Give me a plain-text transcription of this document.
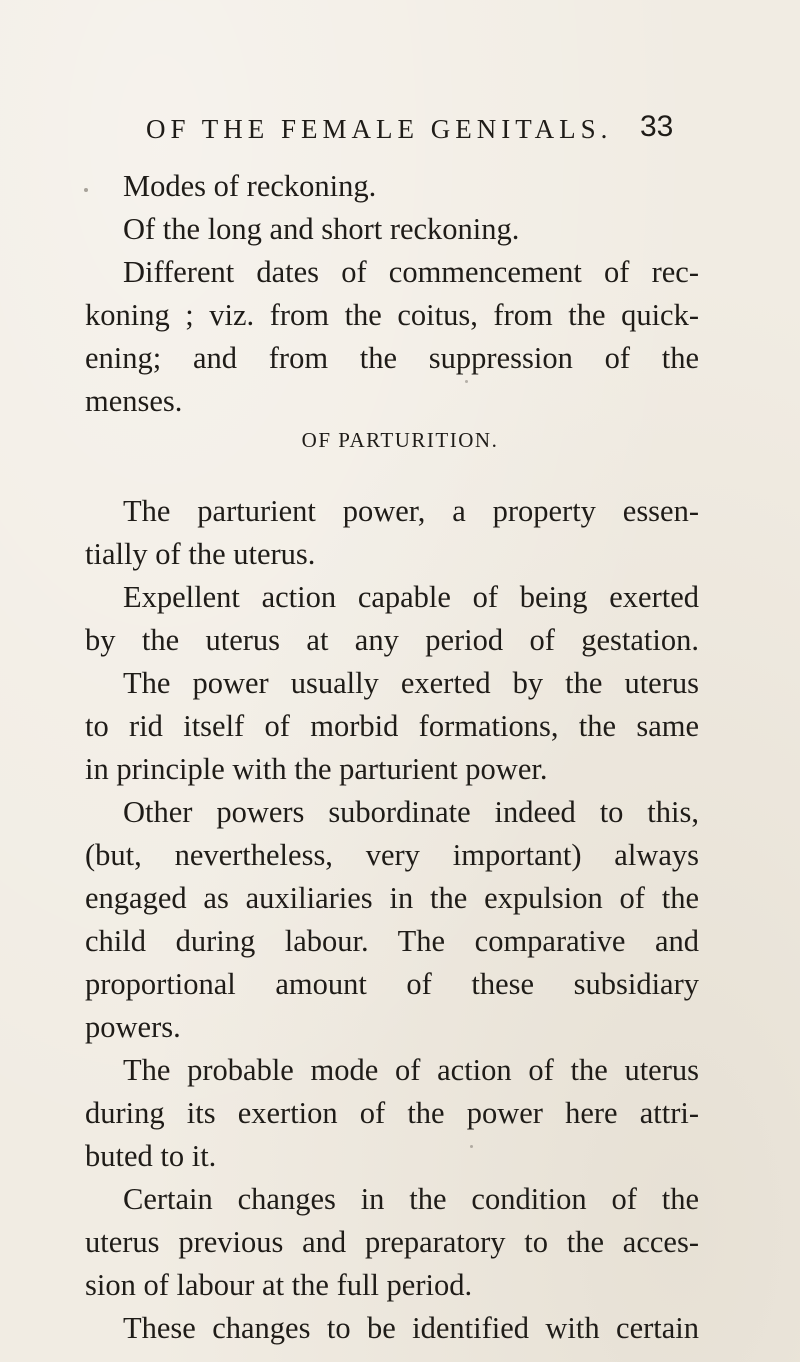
OF THE FEMALE GENITALS. 33
Modes of reckoning.
Of the long and short reckoning.
Different dates of commencement of rec-
koning ; viz. from the coitus, from the quick-
ening; and from the suppression of the
menses.
The parturient power, a property essen-
tially of the uterus.
Expellent action capable of being exerted
by the uterus at any period of gestation.
The power usually exerted by the uterus
to rid itself of morbid formations, the same
in principle with the parturient power.
Other powers subordinate indeed to this,
(but, nevertheless, very important) always
engaged as auxiliaries in the expulsion of the
child during labour. The comparative and
proportional amount of these subsidiary
powers.
The probable mode of action of the uterus
during its exertion of the power here attri-
buted to it.
Certain changes in the condition of the
uterus previous and preparatory to the acces-
sion of labour at the full period.
These changes to be identified with certain
OF PARTURITION.
